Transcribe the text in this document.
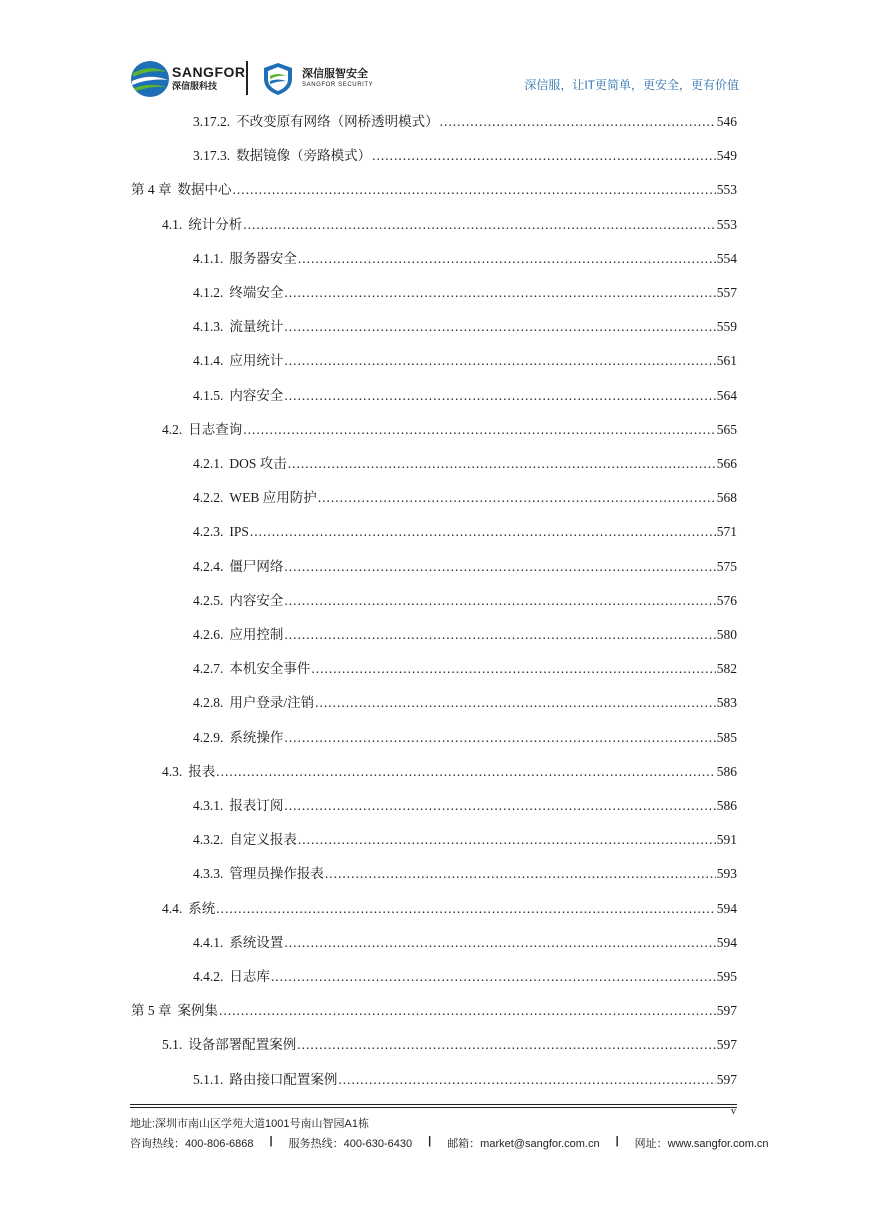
SANGFOR
深信服科技
深信服智安全
SANGFOR SECURITY	深信服，让IT更简单，更安全，更有价值
3.17.2. 不改变原有网络（网桥透明模式） .....	546
3.17.3. 数据镜像（旁路模式） .....	549
第 4 章 数据中心 .....	553
4.1. 统计分析 .....	553
4.1.1. 服务器安全 .....	554
4.1.2. 终端安全 .....	557
4.1.3. 流量统计 .....	559
4.1.4. 应用统计 .....	561
4.1.5. 内容安全 .....	564
4.2. 日志查询 .....	565
4.2.1. DOS 攻击 .....	566
4.2.2. WEB 应用防护 .....	568
4.2.3. IPS .....	571
4.2.4. 僵尸网络 .....	575
4.2.5. 内容安全 .....	576
4.2.6. 应用控制 .....	580
4.2.7. 本机安全事件 .....	582
4.2.8. 用户登录/注销 .....	583
4.2.9. 系统操作 .....	585
4.3. 报表 .....	586
4.3.1. 报表订阅 .....	586
4.3.2. 自定义报表 .....	591
4.3.3. 管理员操作报表 .....	593
4.4. 系统 .....	594
4.4.1. 系统设置 .....	594
4.4.2. 日志库 .....	595
第 5 章 案例集 .....	597
5.1. 设备部署配置案例 .....	597
5.1.1. 路由接口配置案例 .....	597
v
地址:深圳市南山区学苑大道1001号南山智园A1栋
咨询热线：400-806-6868	|	服务热线：400-630-6430	|	邮箱：market@sangfor.com.cn	|	网址：www.sangfor.com.cn
